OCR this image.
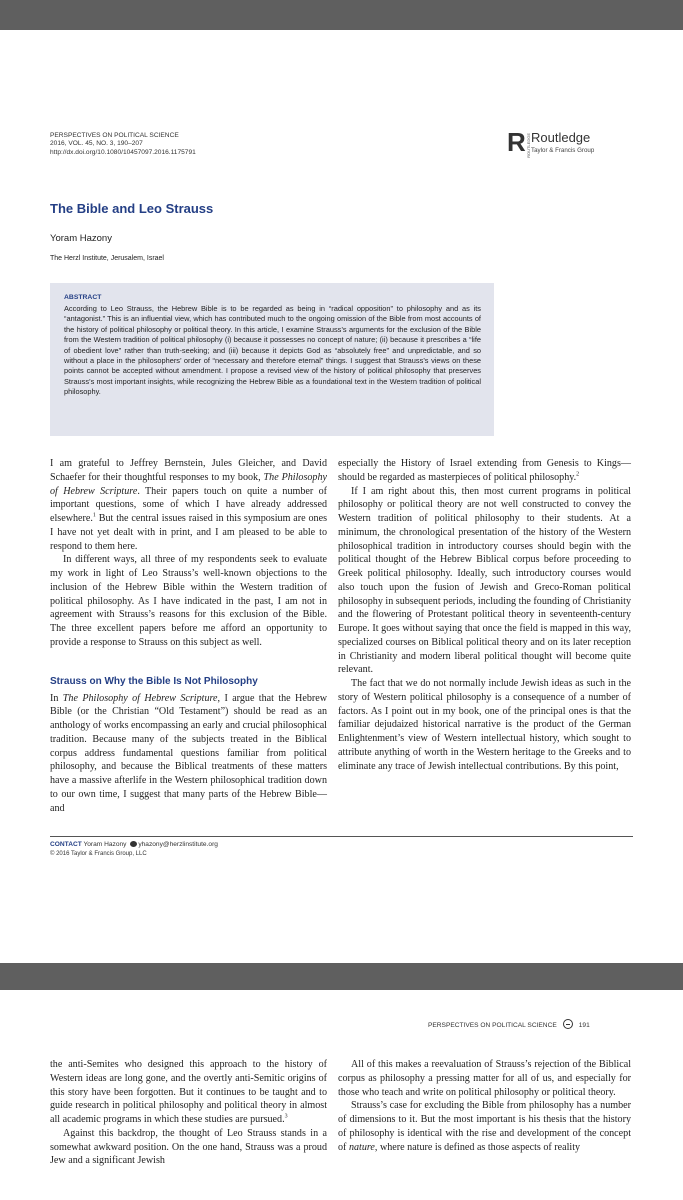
PERSPECTIVES ON POLITICAL SCIENCE
2016, VOL. 45, NO. 3, 190–207
http://dx.doi.org/10.1080/10457097.2016.1175791	R ROUTLEDGE Routledge
Taylor & Francis Group
The Bible and Leo Strauss
Yoram Hazony
The Herzl Institute, Jerusalem, Israel
ABSTRACT
According to Leo Strauss, the Hebrew Bible is to be regarded as being in “radical opposition” to philosophy and as its “antagonist.” This is an influential view, which has contributed much to the ongoing omission of the Bible from most accounts of the history of political philosophy or political theory. In this article, I examine Strauss’s arguments for the exclusion of the Bible from the Western tradition of political philosophy (i) because it possesses no concept of nature; (ii) because it prescribes a “life of obedient love” rather than truth-seeking; and (iii) because it depicts God as “absolutely free” and unpredictable, and so without a place in the philosophers’ order of “necessary and therefore eternal” things. I suggest that Strauss’s views on these points cannot be accepted without amendment. I propose a revised view of the history of political philosophy that preserves Strauss’s most important insights, while recognizing the Hebrew Bible as a foundational text in the Western tradition of political philosophy.

I am grateful to Jeffrey Bernstein, Jules Gleicher, and David Schaefer for their thoughtful responses to my book, The Philosophy of Hebrew Scripture. Their papers touch on quite a number of important questions, some of which I have already addressed elsewhere.$^1$ But the central issues raised in this symposium are ones I have not yet dealt with in print, and I am pleased to be able to respond to them here.

In different ways, all three of my respondents seek to evaluate my work in light of Leo Strauss’s well-known objections to the inclusion of the Hebrew Bible within the Western tradition of political philosophy. As I have indicated in the past, I am not in agreement with Strauss’s reasons for this exclusion of the Bible. The three excellent papers before me afford an opportunity to provide a response to Strauss on this subject as well.

Strauss on Why the Bible Is Not Philosophy

In The Philosophy of Hebrew Scripture, I argue that the Hebrew Bible (or the Christian “Old Testament”) should be read as an anthology of works encompassing an early and crucial philosophical tradition. Because many of the subjects treated in the Biblical corpus address fundamental questions familiar from political philosophy, and because the Biblical treatments of these matters have a massive afterlife in the Western philosophical tradition down to our own time, I suggest that many parts of the Hebrew Bible—and

especially the History of Israel extending from Genesis to Kings—should be regarded as masterpieces of political philosophy.$^2$

If I am right about this, then most current programs in political philosophy or political theory are not well constructed to convey the Western tradition of political philosophy to their students. At a minimum, the chronological presentation of the history of the Western philosophical tradition in introductory courses should begin with the political thought of the Hebrew Biblical corpus before proceeding to Greek political philosophy. Ideally, such introductory courses would also touch upon the fusion of Jewish and Greco-Roman political philosophy in subsequent periods, including the founding of Christianity and the flowering of Protestant political theory in seventeenth-century Europe. It goes without saying that once the field is mapped in this way, specialized courses on Biblical political theory and on its later reception in Christianity and modern liberal political thought will become quite relevant.

The fact that we do not normally include Jewish ideas as such in the story of Western political philosophy is a consequence of a number of factors. As I point out in my book, one of the principal ones is that the familiar dejudaized historical narrative is the product of the German Enlightenment’s view of Western intellectual history, which sought to attribute anything of worth in the Western heritage to the Greeks and to eliminate any trace of Jewish intellectual contributions. By this point,

CONTACT Yoram Hazony yhazony@herzlinstitute.org
© 2016 Taylor & Francis Group, LLC
PERSPECTIVES ON POLITICAL SCIENCE	191

the anti-Semites who designed this approach to the history of Western ideas are long gone, and the overtly anti-Semitic origins of this story have been forgotten. But it continues to be taught and to guide research in political philosophy and political theory in almost all academic programs in which these studies are pursued.$^3$

Against this backdrop, the thought of Leo Strauss stands in a somewhat awkward position. On the one hand, Strauss was a proud Jew and a significant Jewish

All of this makes a reevaluation of Strauss’s rejection of the Biblical corpus as philosophy a pressing matter for all of us, and especially for those who teach and write on political philosophy or political theory.

Strauss’s case for excluding the Bible from philosophy has a number of dimensions to it. But the most important is his thesis that the history of philosophy is identical with the rise and development of the concept of nature, where nature is defined as those aspects of reality
